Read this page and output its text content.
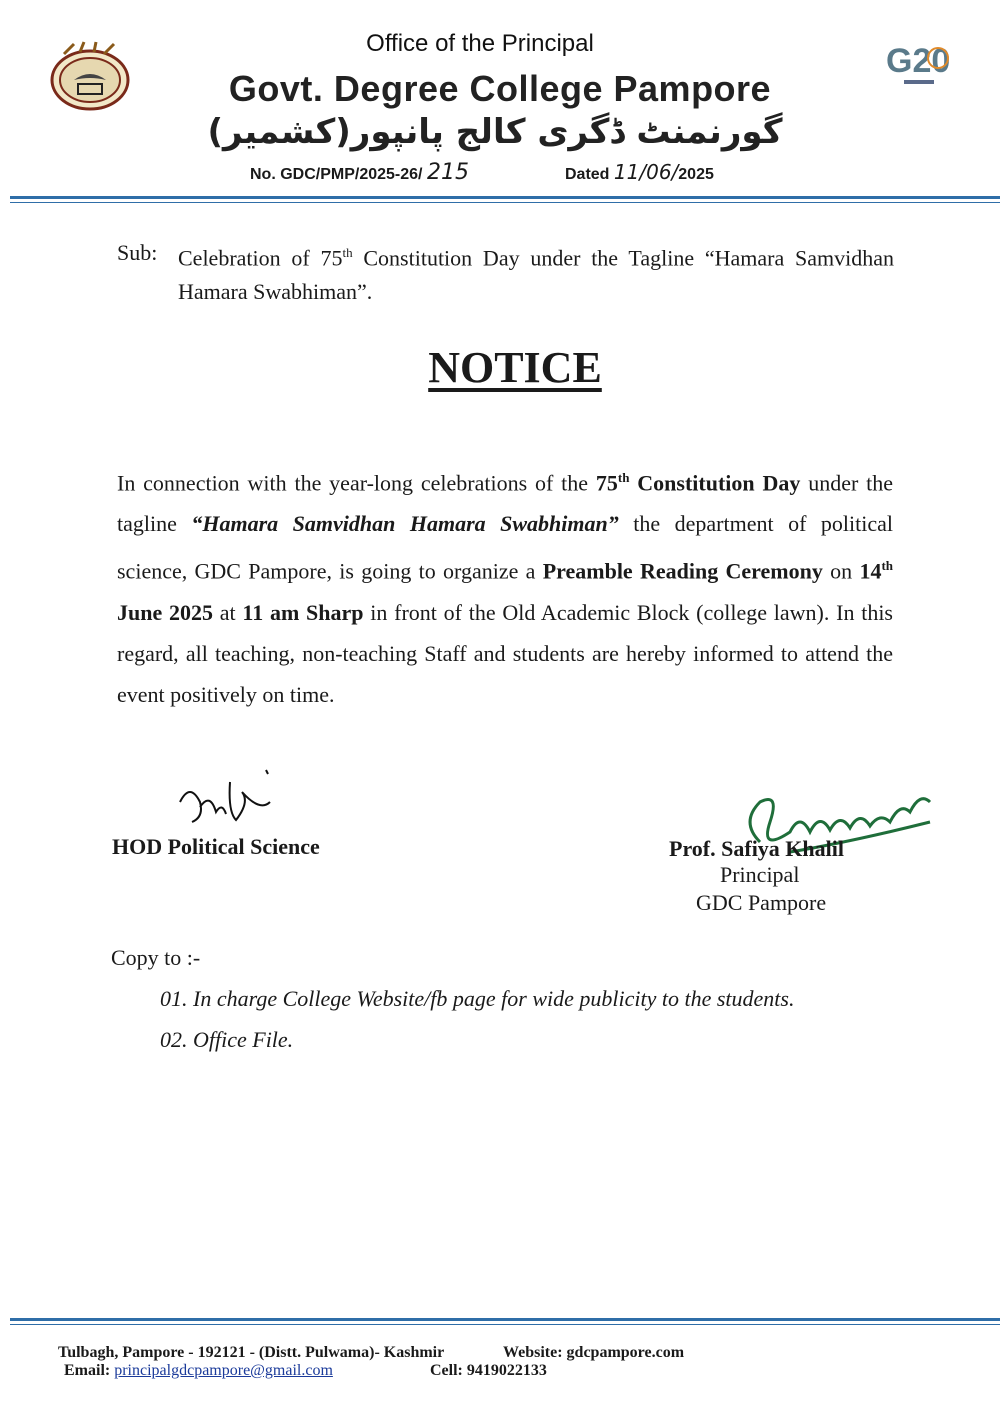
G20
Office of the Principal
Govt. Degree College Pampore
گورنمنٹ ڈگری کالج پانپور(کشمیر)
No. GDC/PMP/2025-26/ 215	Dated 11/06/2025
Sub: Celebration of 75th Constitution Day under the Tagline “Hamara Samvidhan Hamara Swabhiman”.
NOTICE
In connection with the year-long celebrations of the 75th Constitution Day under the tagline “Hamara Samvidhan Hamara Swabhiman” the department of political science, GDC Pampore, is going to organize a Preamble Reading Ceremony on 14th June 2025 at 11 am Sharp in front of the Old Academic Block (college lawn). In this regard, all teaching, non-teaching Staff and students are hereby informed to attend the event positively on time.
HOD Political Science	Prof. Safiya Khalil
Principal
GDC Pampore
Copy to :-
01. In charge College Website/fb page for wide publicity to the students.
02. Office File.
Tulbagh, Pampore - 192121 - (Distt. Pulwama)- Kashmir	Website: gdcpampore.com
Email: principalgdcpampore@gmail.com	Cell: 9419022133
